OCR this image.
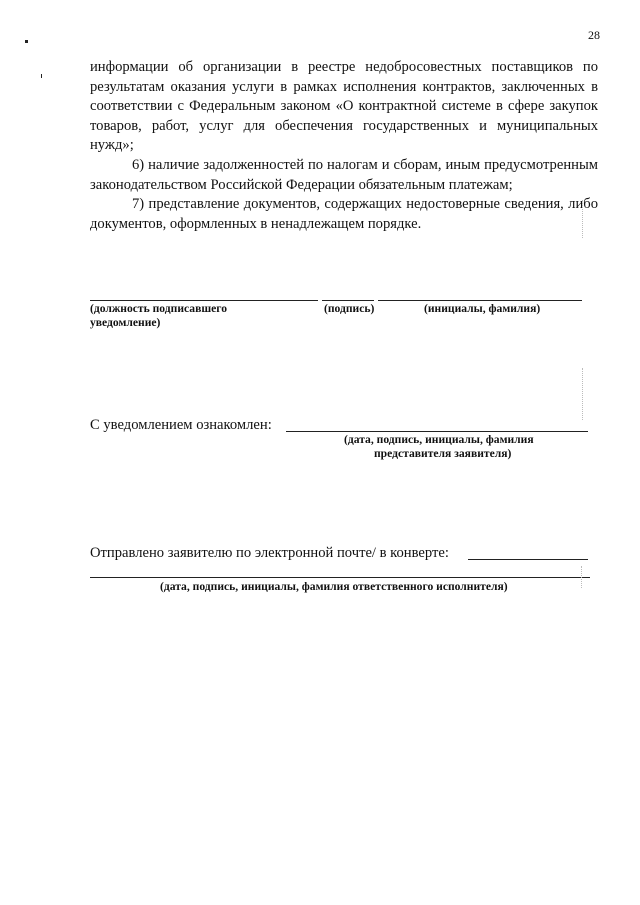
28

информации об организации в реестре недобросовестных поставщиков по результатам оказания услуги в рамках исполнения контрактов, заключенных в соответствии с Федеральным законом «О контрактной системе в сфере закупок товаров, работ, услуг для обеспечения государственных и муниципальных нужд»;

6) наличие задолженностей по налогам и сборам, иным предусмотренным законодательством Российской Федерации обязательным платежам;

7) представление документов, содержащих недостоверные сведения, либо документов, оформленных в ненадлежащем порядке.

(должность подписавшего уведомление)
(подпись)	(инициалы, фамилия)
С уведомлением ознакомлен:
(дата, подпись, инициалы, фамилия
представителя заявителя)
Отправлено заявителю по электронной почте/ в конверте:
(дата, подпись, инициалы, фамилия ответственного исполнителя)
